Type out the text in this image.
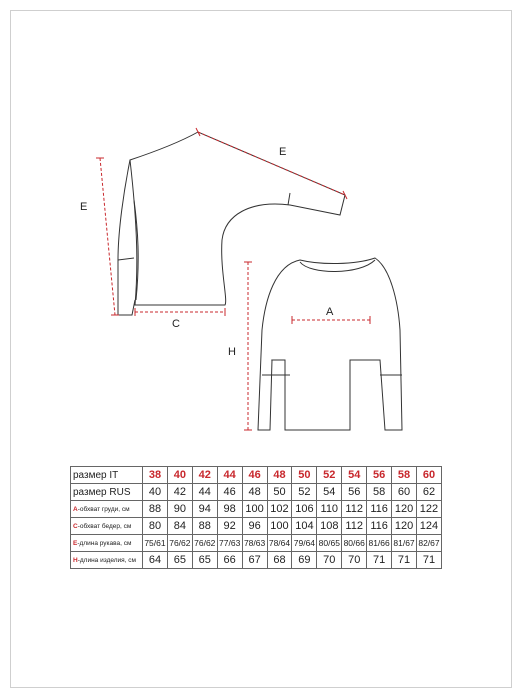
E
E
C
A
H
размер IT	38	40	42	44	46	48	50	52	54	56	58	60
размер RUS	40	42	44	46	48	50	52	54	56	58	60	62
A-обхват груди, см	88	90	94	98	100	102	106	110	112	116	120	122
C-обхват бедер, см	80	84	88	92	96	100	104	108	112	116	120	124
E-длина рукава, см	75/61	76/62	76/62	77/63	78/63	78/64	79/64	80/65	80/66	81/66	81/67	82/67
H-длина изделия, см	64	65	65	66	67	68	69	70	70	71	71	71
